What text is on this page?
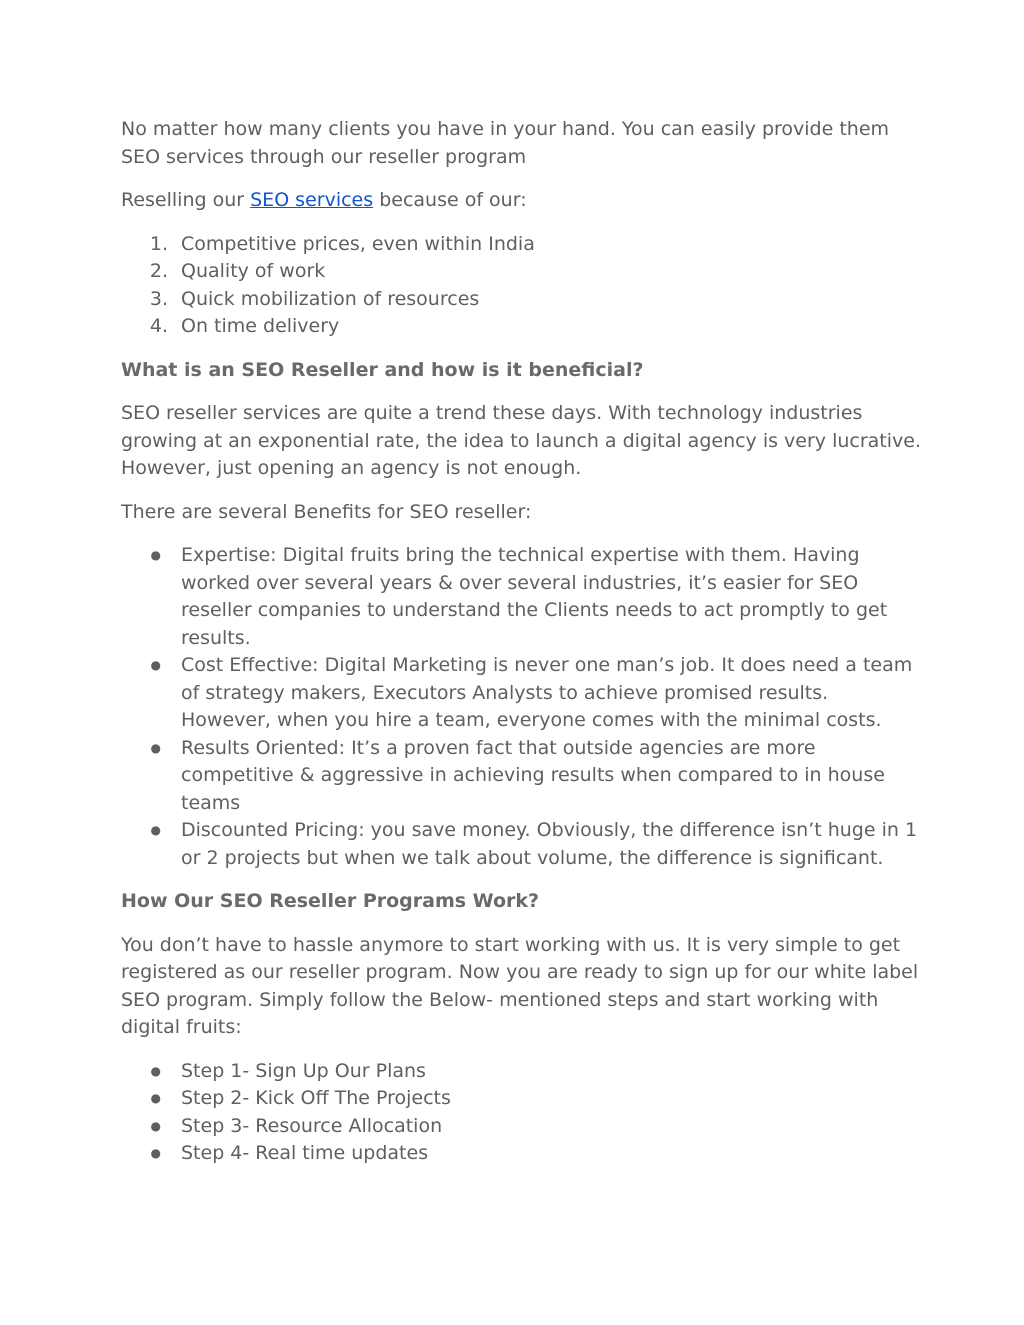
No matter how many clients you have in your hand. You can easily provide them SEO services through our reseller program

Reselling our SEO services because of our:

1. Competitive prices, even within India
2. Quality of work
3. Quick mobilization of resources
4. On time delivery

What is an SEO Reseller and how is it beneficial?

SEO reseller services are quite a trend these days. With technology industries growing at an exponential rate, the idea to launch a digital agency is very lucrative. However, just opening an agency is not enough.

There are several Benefits for SEO reseller:

● Expertise: Digital fruits bring the technical expertise with them. Having worked over several years & over several industries, it’s easier for SEO reseller companies to understand the Clients needs to act promptly to get results.
● Cost Effective: Digital Marketing is never one man’s job. It does need a team of strategy makers, Executors Analysts to achieve promised results. However, when you hire a team, everyone comes with the minimal costs.
● Results Oriented: It’s a proven fact that outside agencies are more competitive & aggressive in achieving results when compared to in house teams
● Discounted Pricing: you save money. Obviously, the difference isn’t huge in 1 or 2 projects but when we talk about volume, the difference is significant.

How Our SEO Reseller Programs Work?

You don’t have to hassle anymore to start working with us. It is very simple to get registered as our reseller program. Now you are ready to sign up for our white label SEO program. Simply follow the Below- mentioned steps and start working with digital fruits:

● Step 1- Sign Up Our Plans
● Step 2- Kick Off The Projects
● Step 3- Resource Allocation
● Step 4- Real time updates
